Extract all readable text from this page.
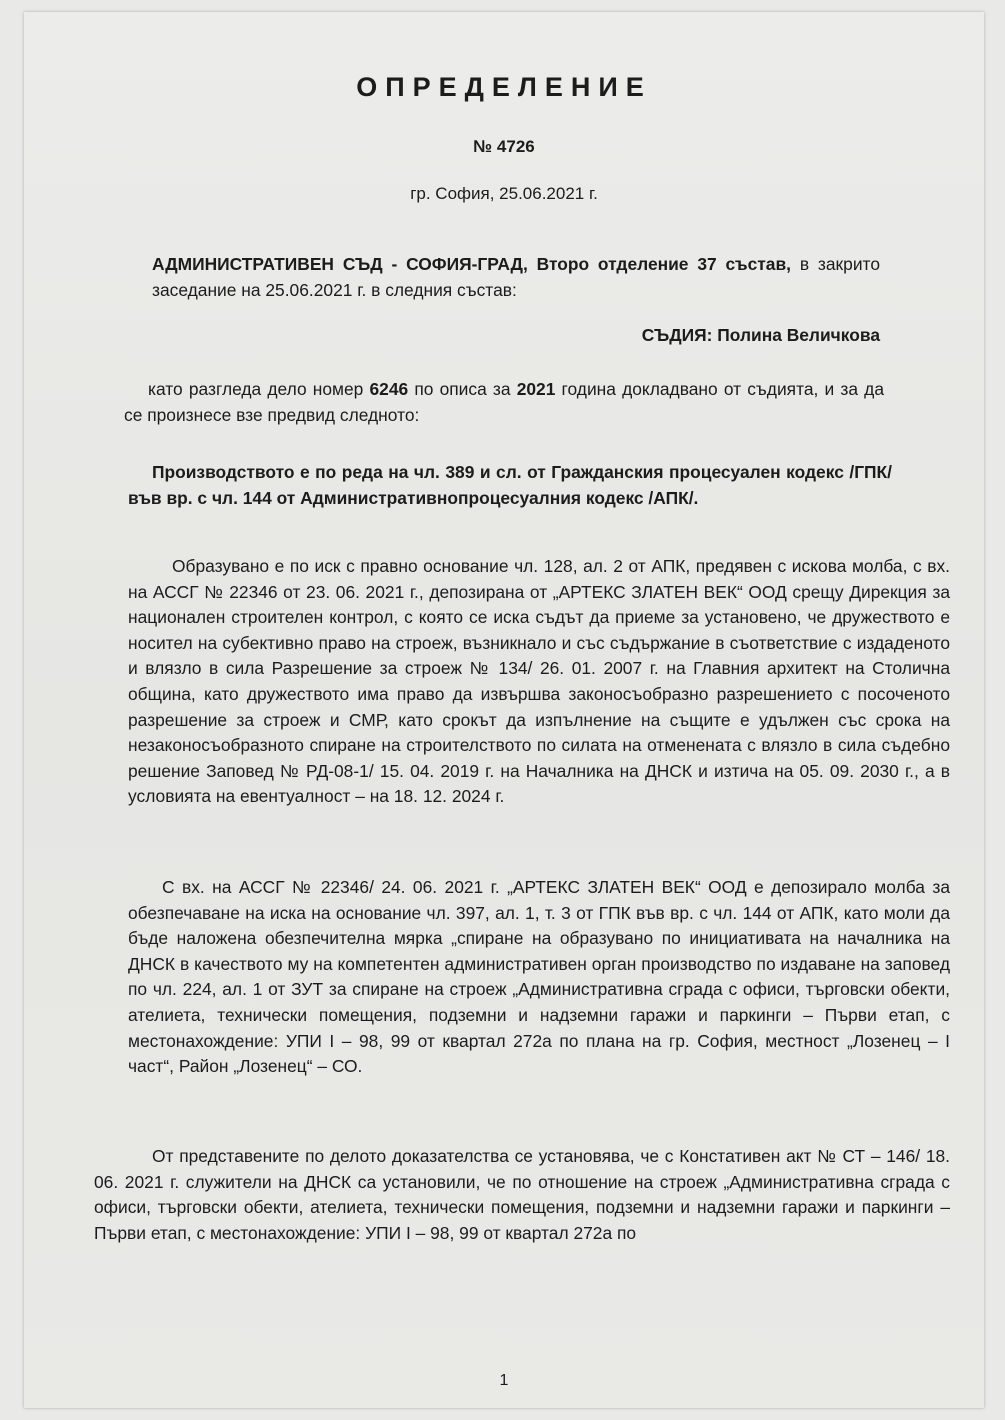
ОПРЕДЕЛЕНИЕ
№ 4726
гр. София, 25.06.2021 г.
АДМИНИСТРАТИВЕН СЪД - СОФИЯ-ГРАД, Второ отделение 37 състав, в закрито заседание на 25.06.2021 г. в следния състав:
СЪДИЯ: Полина Величкова
като разгледа дело номер 6246 по описа за 2021 година докладвано от съдията, и за да се произнесе взе предвид следното:
Производството е по реда на чл. 389 и сл. от Гражданския процесуален кодекс /ГПК/ във вр. с чл. 144 от Административнопроцесуалния кодекс /АПК/.
Образувано е по иск с правно основание чл. 128, ал. 2 от АПК, предявен с искова молба, с вх. на АССГ № 22346 от 23. 06. 2021 г., депозирана от „АРТЕКС ЗЛАТЕН ВЕК“ ООД срещу Дирекция за национален строителен контрол, с която се иска съдът да приеме за установено, че дружеството е носител на субективно право на строеж, възникнало и със съдържание в съответствие с издаденото и влязло в сила Разрешение за строеж № 134/ 26. 01. 2007 г. на Главния архитект на Столична община, като дружеството има право да извършва законосъобразно разрешението с посоченото разрешение за строеж и СМР, като срокът да изпълнение на същите е удължен със срока на незаконосъобразното спиране на строителството по силата на отменената с влязло в сила съдебно решение Заповед № РД-08-1/ 15. 04. 2019 г. на Началника на ДНСК и изтича на 05. 09. 2030 г., а в условията на евентуалност – на 18. 12. 2024 г.
С вх. на АССГ № 22346/ 24. 06. 2021 г. „АРТЕКС ЗЛАТЕН ВЕК“ ООД е депозирало молба за обезпечаване на иска на основание чл. 397, ал. 1, т. 3 от ГПК във вр. с чл. 144 от АПК, като моли да бъде наложена обезпечителна мярка „спиране на образувано по инициативата на началника на ДНСК в качеството му на компетентен административен орган производство по издаване на заповед по чл. 224, ал. 1 от ЗУТ за спиране на строеж „Административна сграда с офиси, търговски обекти, ателиета, технически помещения, подземни и надземни гаражи и паркинги – Първи етап, с местонахождение: УПИ I – 98, 99 от квартал 272а по плана на гр. София, местност „Лозенец – I част“, Район „Лозенец“ – СО.
От представените по делото доказателства се установява, че с Констативен акт № СТ – 146/ 18. 06. 2021 г. служители на ДНСК са установили, че по отношение на строеж „Административна сграда с офиси, търговски обекти, ателиета, технически помещения, подземни и надземни гаражи и паркинги – Първи етап, с местонахождение: УПИ I – 98, 99 от квартал 272а по
1
